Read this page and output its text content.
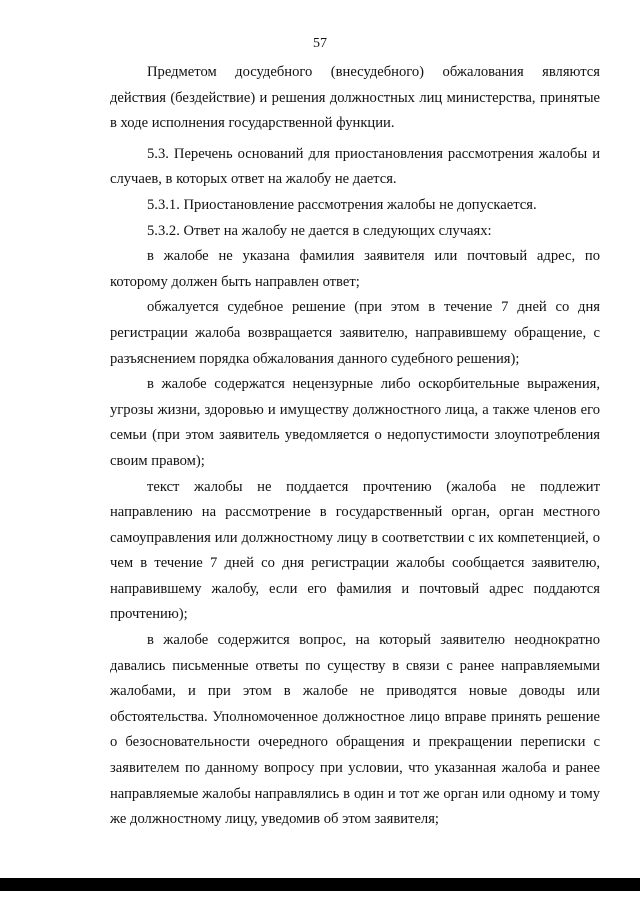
57

Предметом досудебного (внесудебного) обжалования являются действия (бездействие) и решения должностных лиц министерства, принятые в ходе исполнения государственной функции.

5.3. Перечень оснований для приостановления рассмотрения жалобы и случаев, в которых ответ на жалобу не дается.

5.3.1. Приостановление рассмотрения жалобы не допускается.

5.3.2. Ответ на жалобу не дается в следующих случаях:

в жалобе не указана фамилия заявителя или почтовый адрес, по которому должен быть направлен ответ;

обжалуется судебное решение (при этом в течение 7 дней со дня регистрации жалоба возвращается заявителю, направившему обращение, с разъяснением порядка обжалования данного судебного решения);

в жалобе содержатся нецензурные либо оскорбительные выражения, угрозы жизни, здоровью и имуществу должностного лица, а также членов его семьи (при этом заявитель уведомляется о недопустимости злоупотребления своим правом);

текст жалобы не поддается прочтению (жалоба не подлежит направлению на рассмотрение в государственный орган, орган местного самоуправления или должностному лицу в соответствии с их компетенцией, о чем в течение 7 дней со дня регистрации жалобы сообщается заявителю, направившему жалобу, если его фамилия и почтовый адрес поддаются прочтению);

в жалобе содержится вопрос, на который заявителю неоднократно давались письменные ответы по существу в связи с ранее направляемыми жалобами, и при этом в жалобе не приводятся новые доводы или обстоятельства. Уполномоченное должностное лицо вправе принять решение о безосновательности очередного обращения и прекращении переписки с заявителем по данному вопросу при условии, что указанная жалоба и ранее направляемые жалобы направлялись в один и тот же орган или одному и тому же должностному лицу, уведомив об этом заявителя;
